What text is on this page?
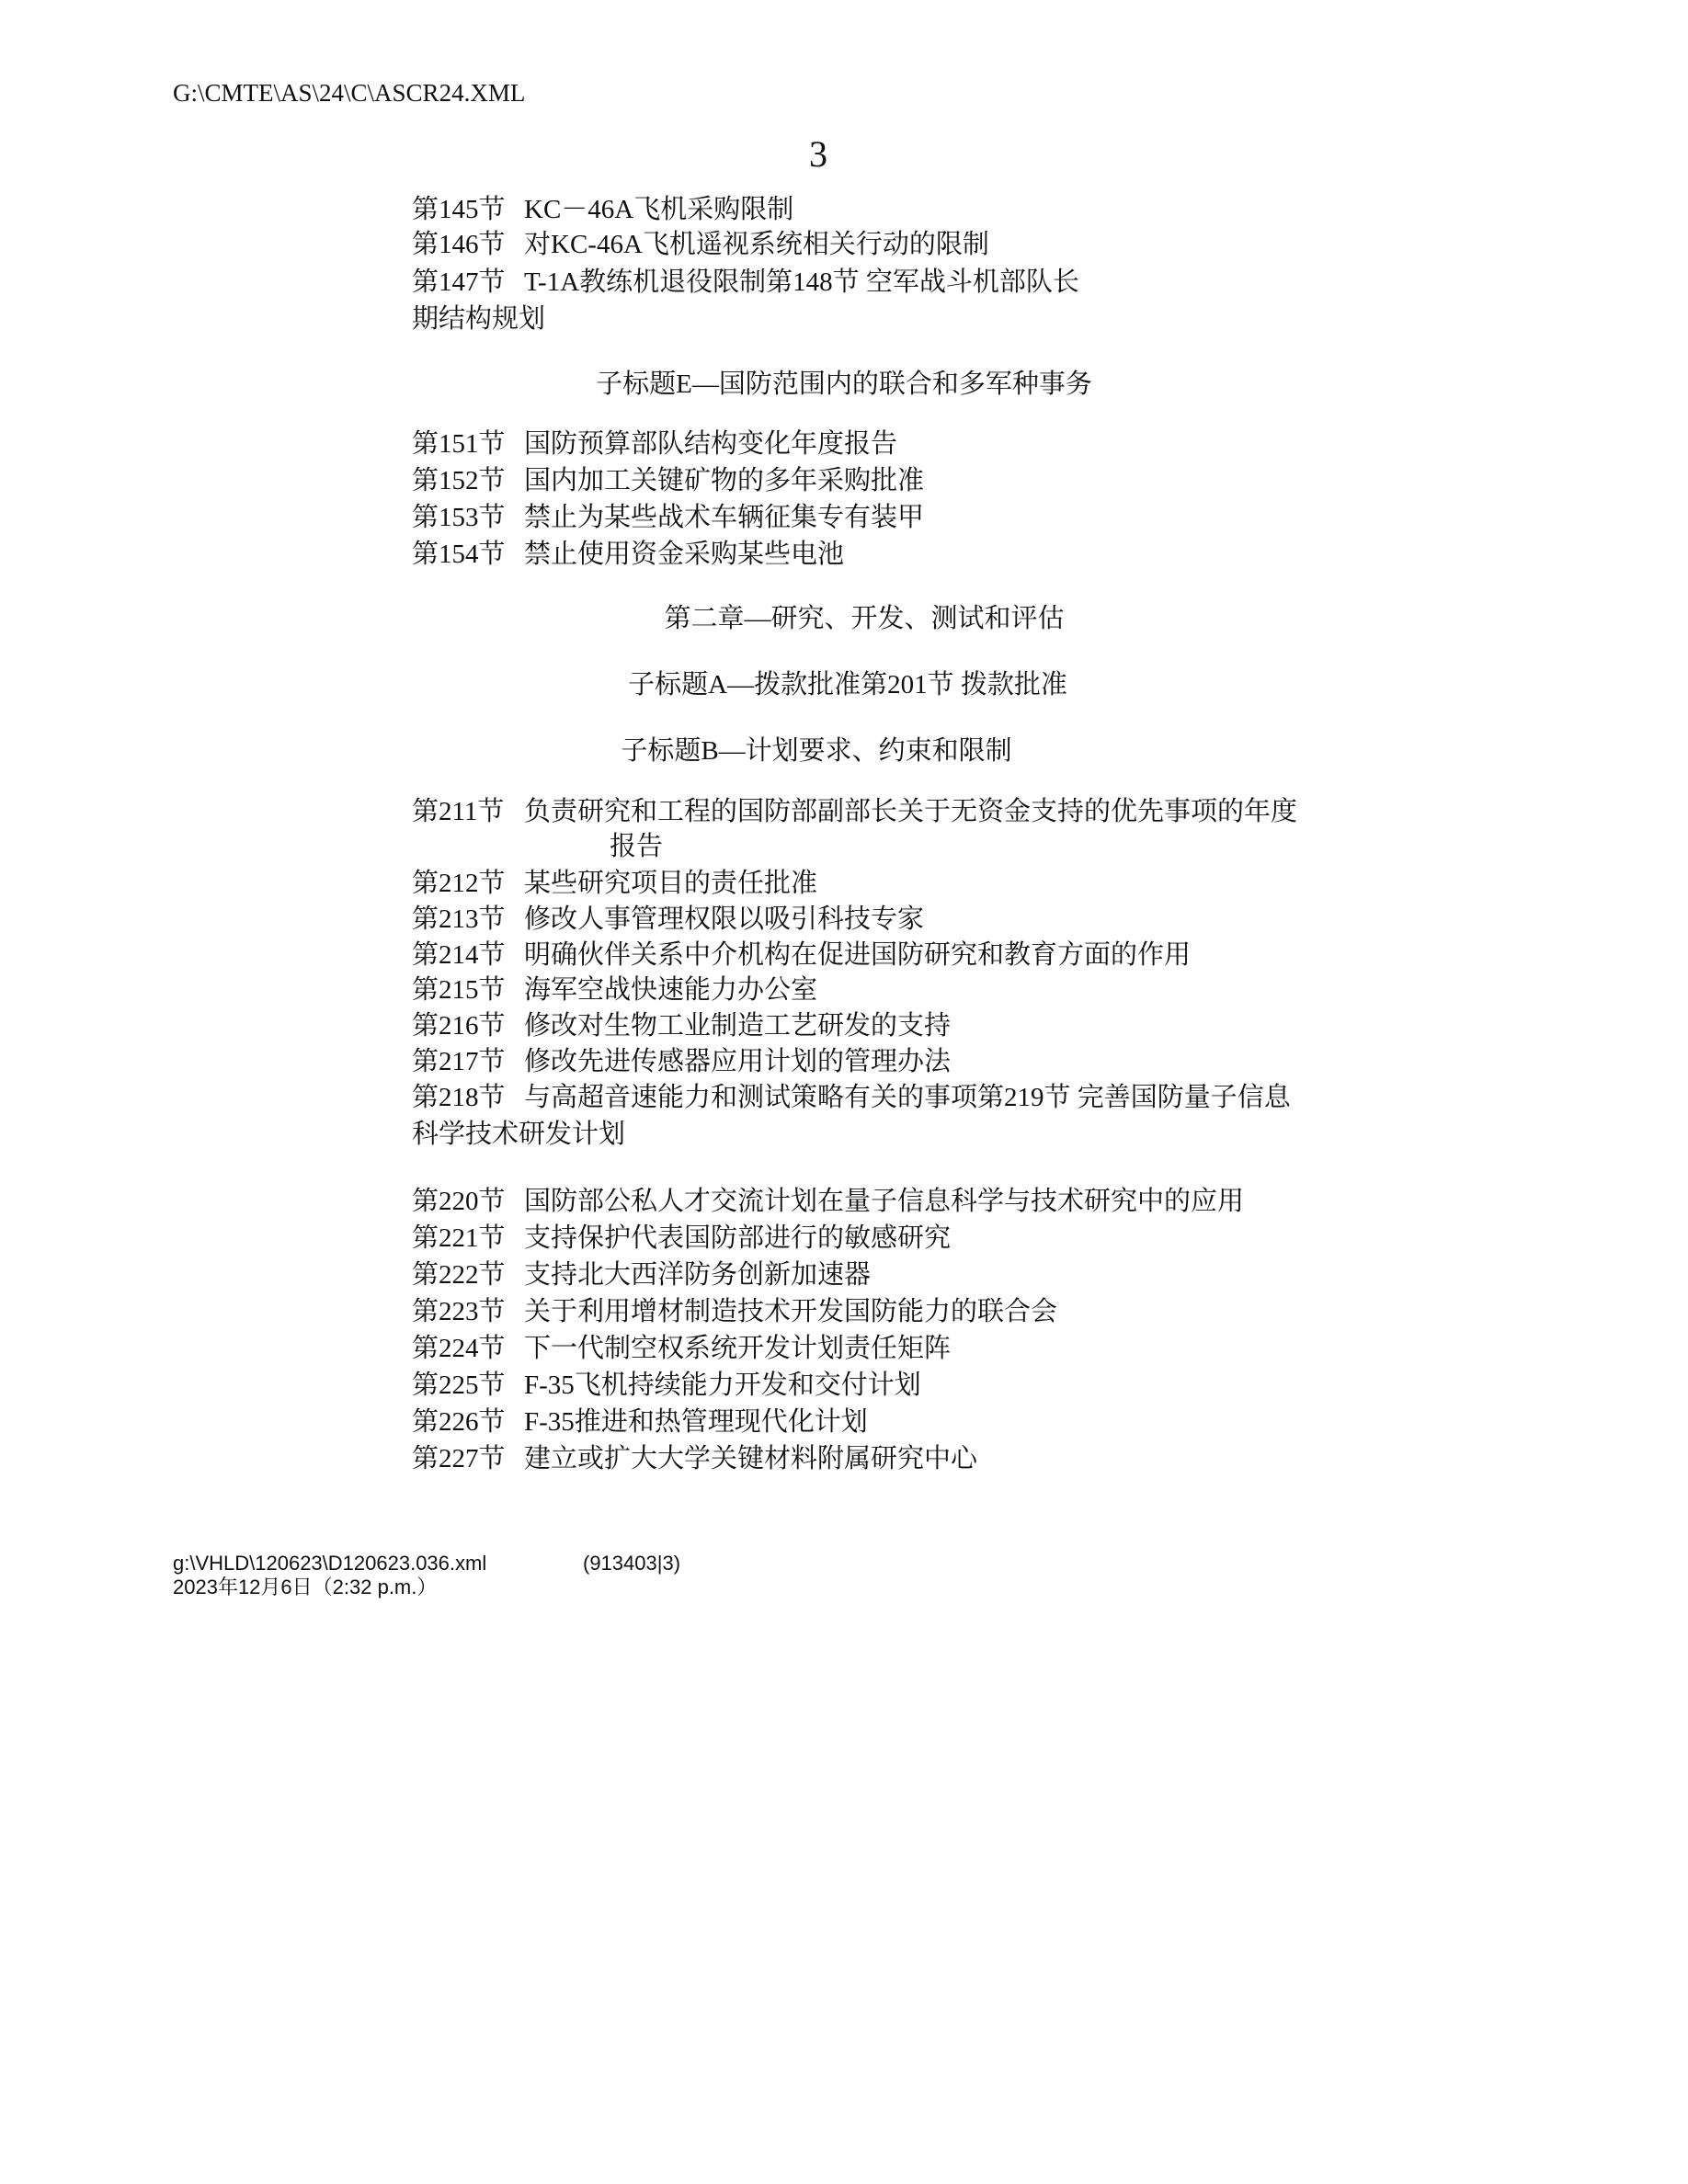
G:\CMTE\AS\24\C\ASCR24.XML
3
第145节 KC－46A飞机采购限制
第146节 对KC-46A飞机遥视系统相关行动的限制
第147节 T-1A教练机退役限制第148节 空军战斗机部队长
期结构规划
子标题E—国防范围内的联合和多军种事务
第151节 国防预算部队结构变化年度报告
第152节 国内加工关键矿物的多年采购批准
第153节 禁止为某些战术车辆征集专有装甲
第154节 禁止使用资金采购某些电池
第二章—研究、开发、测试和评估
子标题A—拨款批准第201节 拨款批准
子标题B—计划要求、约束和限制
第211节 负责研究和工程的国防部副部长关于无资金支持的优先事项的年度
报告
第212节 某些研究项目的责任批准
第213节 修改人事管理权限以吸引科技专家
第214节 明确伙伴关系中介机构在促进国防研究和教育方面的作用
第215节 海军空战快速能力办公室
第216节 修改对生物工业制造工艺研发的支持
第217节 修改先进传感器应用计划的管理办法
第218节 与高超音速能力和测试策略有关的事项第219节 完善国防量子信息
科学技术研发计划
第220节 国防部公私人才交流计划在量子信息科学与技术研究中的应用
第221节 支持保护代表国防部进行的敏感研究
第222节 支持北大西洋防务创新加速器
第223节 关于利用增材制造技术开发国防能力的联合会
第224节 下一代制空权系统开发计划责任矩阵
第225节 F-35飞机持续能力开发和交付计划
第226节 F-35推进和热管理现代化计划
第227节 建立或扩大大学关键材料附属研究中心
g:\VHLD\120623\D120623.036.xml	(913403|3)
2023年12月6日（2:32 p.m.）
